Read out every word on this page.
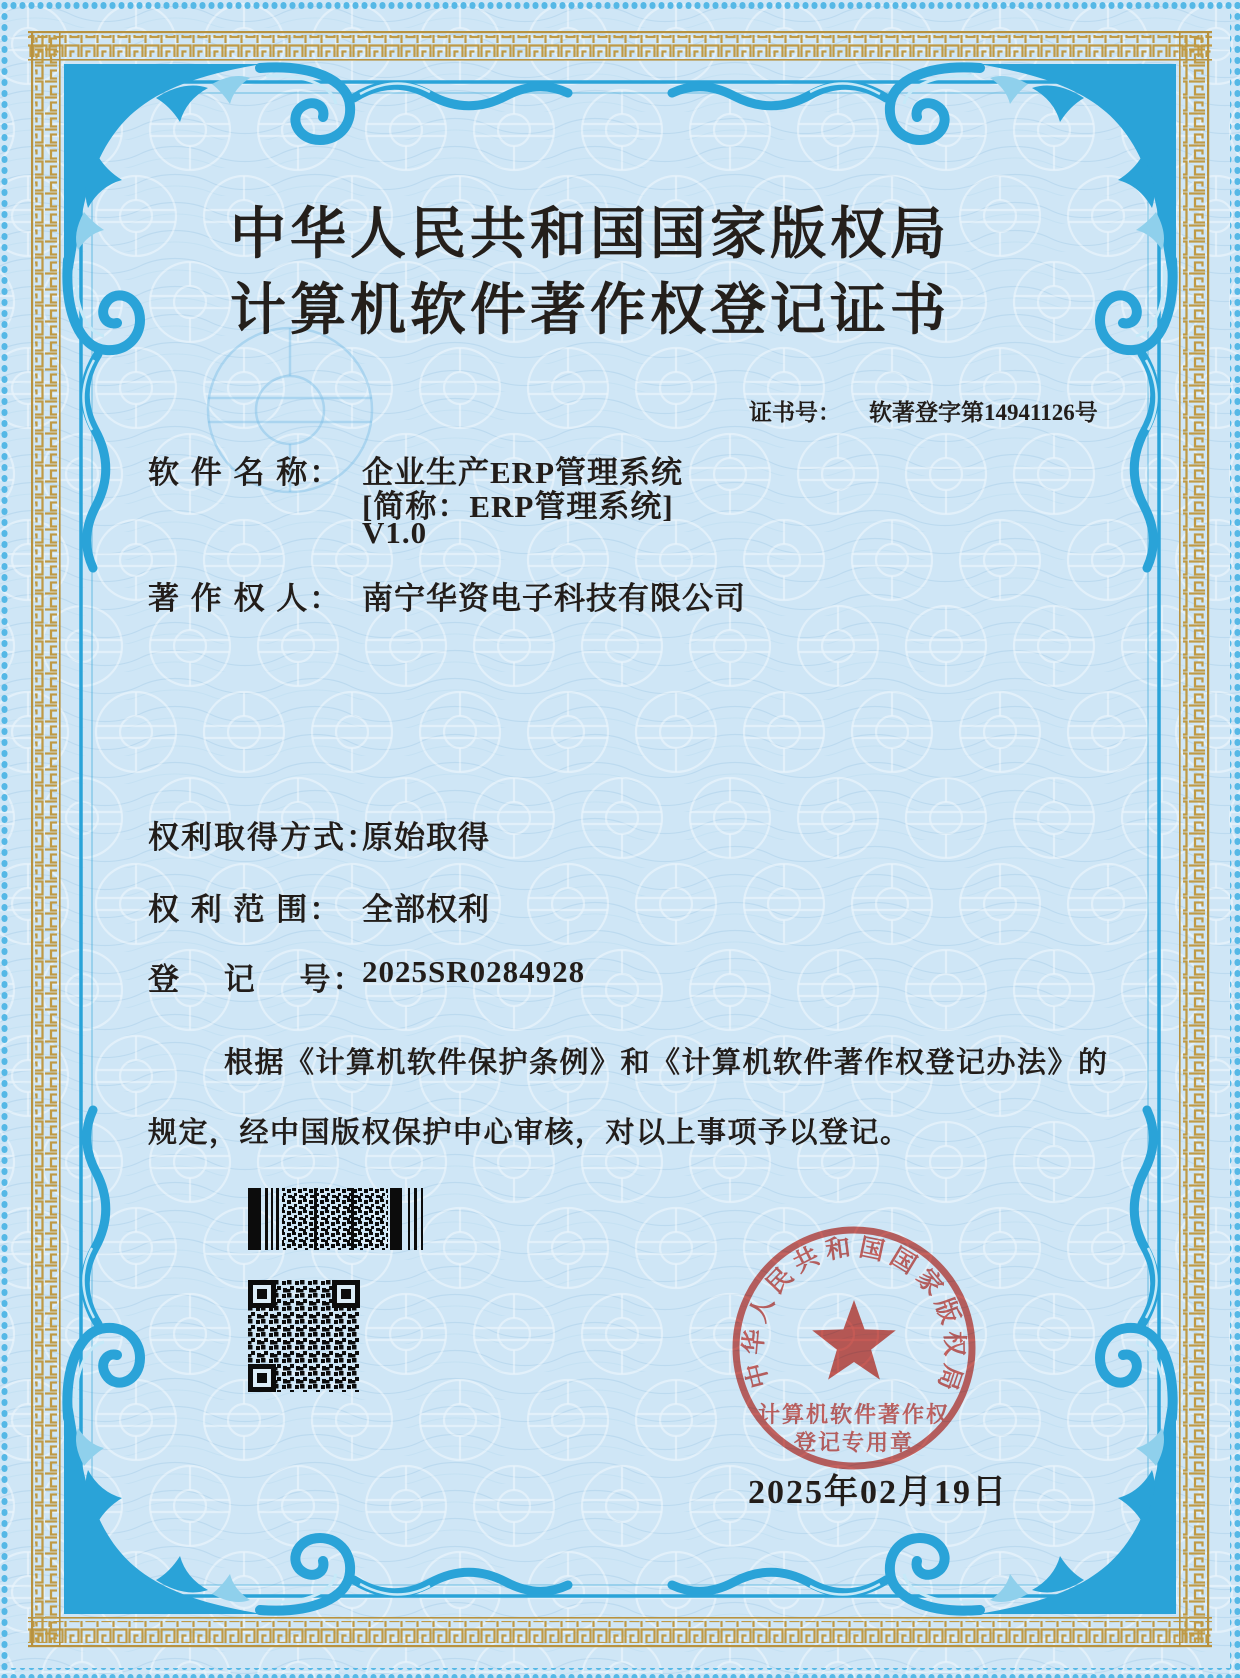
中华人民共和国国家版权局
计算机软件著作权登记证书

证书号： 软著登字第14941126号

软 件 名 称： 企业生产ERP管理系统
[简称：ERP管理系统]
V1.0
著 作 权 人： 南宁华资电子科技有限公司
权利取得方式：
原始取得
权 利 范 围： 全部权利
登　 记　 号：
2025SR0284928
根据《计算机软件保护条例》和《计算机软件著作权登记办法》的
规定，经中国版权保护中心审核，对以上事项予以登记。
中华人民共和国国家版权局
计算机软件著作权
登记专用章
2025年02月19日
